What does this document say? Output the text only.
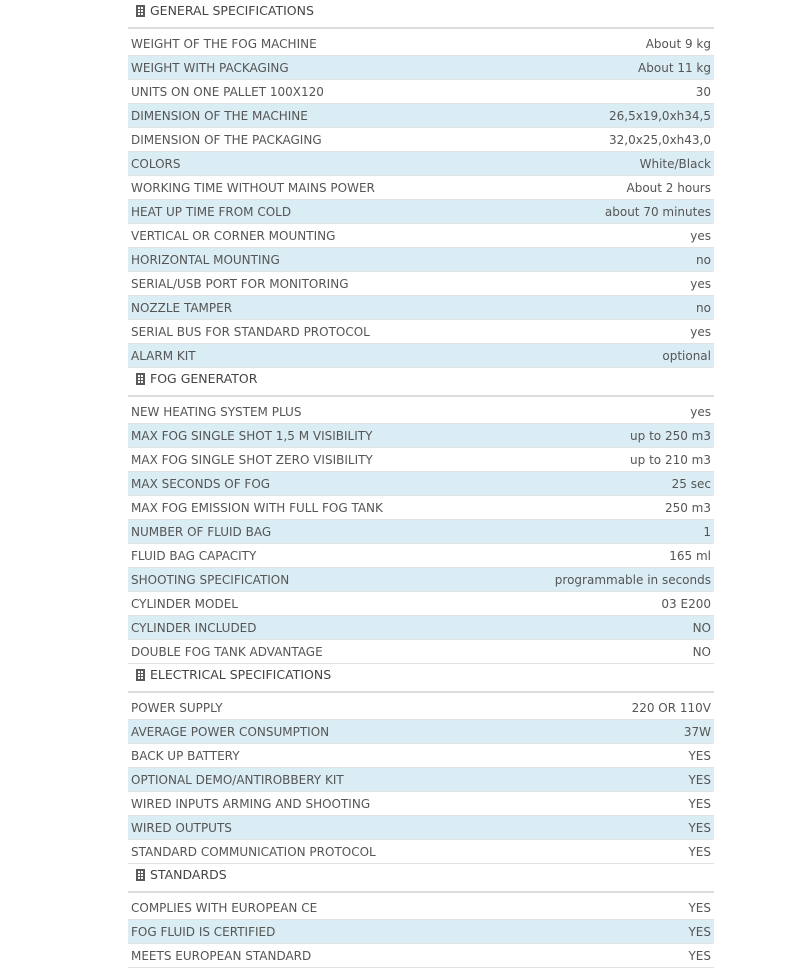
GENERAL SPECIFICATIONS
WEIGHT OF THE FOG MACHINE	About 9 kg
WEIGHT WITH PACKAGING	About 11 kg
UNITS ON ONE PALLET 100X120	30
DIMENSION OF THE MACHINE	26,5x19,0xh34,5
DIMENSION OF THE PACKAGING	32,0x25,0xh43,0
COLORS	White/Black
WORKING TIME WITHOUT MAINS POWER	About 2 hours
HEAT UP TIME FROM COLD	about 70 minutes
VERTICAL OR CORNER MOUNTING	yes
HORIZONTAL MOUNTING	no
SERIAL/USB PORT FOR MONITORING	yes
NOZZLE TAMPER	no
SERIAL BUS FOR STANDARD PROTOCOL	yes
ALARM KIT	optional
FOG GENERATOR
NEW HEATING SYSTEM PLUS	yes
MAX FOG SINGLE SHOT 1,5 M VISIBILITY	up to 250 m3
MAX FOG SINGLE SHOT ZERO VISIBILITY	up to 210 m3
MAX SECONDS OF FOG	25 sec
MAX FOG EMISSION WITH FULL FOG TANK	250 m3
NUMBER OF FLUID BAG	1
FLUID BAG CAPACITY	165 ml
SHOOTING SPECIFICATION	programmable in seconds
CYLINDER MODEL	03 E200
CYLINDER INCLUDED	NO
DOUBLE FOG TANK ADVANTAGE	NO
ELECTRICAL SPECIFICATIONS
POWER SUPPLY	220 OR 110V
AVERAGE POWER CONSUMPTION	37W
BACK UP BATTERY	YES
OPTIONAL DEMO/ANTIROBBERY KIT	YES
WIRED INPUTS ARMING AND SHOOTING	YES
WIRED OUTPUTS	YES
STANDARD COMMUNICATION PROTOCOL	YES
STANDARDS
COMPLIES WITH EUROPEAN CE	YES
FOG FLUID IS CERTIFIED	YES
MEETS EUROPEAN STANDARD	YES
